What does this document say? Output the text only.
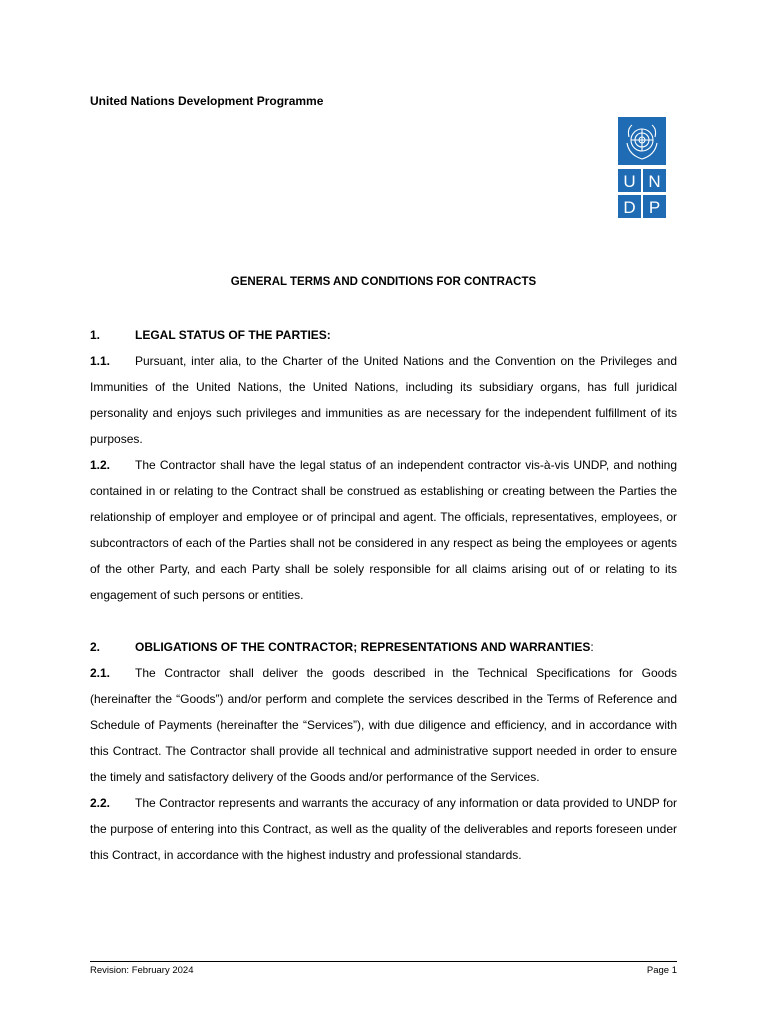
United Nations Development Programme
U N
D P
GENERAL TERMS AND CONDITIONS FOR CONTRACTS
1.	LEGAL STATUS OF THE PARTIES:
1.1. Pursuant, inter alia, to the Charter of the United Nations and the Convention on the Privileges and Immunities of the United Nations, the United Nations, including its subsidiary organs, has full juridical personality and enjoys such privileges and immunities as are necessary for the independent fulfillment of its purposes.
1.2. The Contractor shall have the legal status of an independent contractor vis-à-vis UNDP, and nothing contained in or relating to the Contract shall be construed as establishing or creating between the Parties the relationship of employer and employee or of principal and agent. The officials, representatives, employees, or subcontractors of each of the Parties shall not be considered in any respect as being the employees or agents of the other Party, and each Party shall be solely responsible for all claims arising out of or relating to its engagement of such persons or entities.
2.	OBLIGATIONS OF THE CONTRACTOR; REPRESENTATIONS AND WARRANTIES:
2.1. The Contractor shall deliver the goods described in the Technical Specifications for Goods (hereinafter the “Goods”) and/or perform and complete the services described in the Terms of Reference and Schedule of Payments (hereinafter the “Services”), with due diligence and efficiency, and in accordance with this Contract. The Contractor shall provide all technical and administrative support needed in order to ensure the timely and satisfactory delivery of the Goods and/or performance of the Services.
2.2. The Contractor represents and warrants the accuracy of any information or data provided to UNDP for the purpose of entering into this Contract, as well as the quality of the deliverables and reports foreseen under this Contract, in accordance with the highest industry and professional standards.
Revision: February 2024	Page 1
